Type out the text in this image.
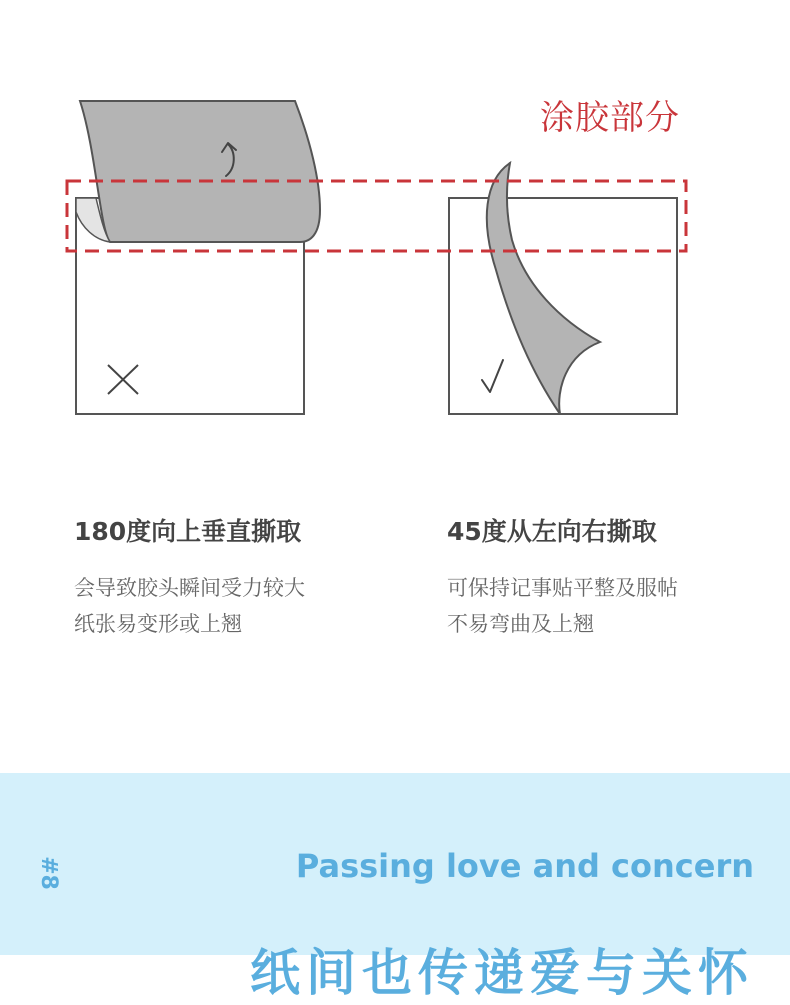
涂胶部分

180度向上垂直撕取

会导致胶头瞬间受力较大

纸张易变形或上翘

45度从左向右撕取

可保持记事贴平整及服帖

不易弯曲及上翘

#8	Passing love and concern
纸间也传递爱与关怀
